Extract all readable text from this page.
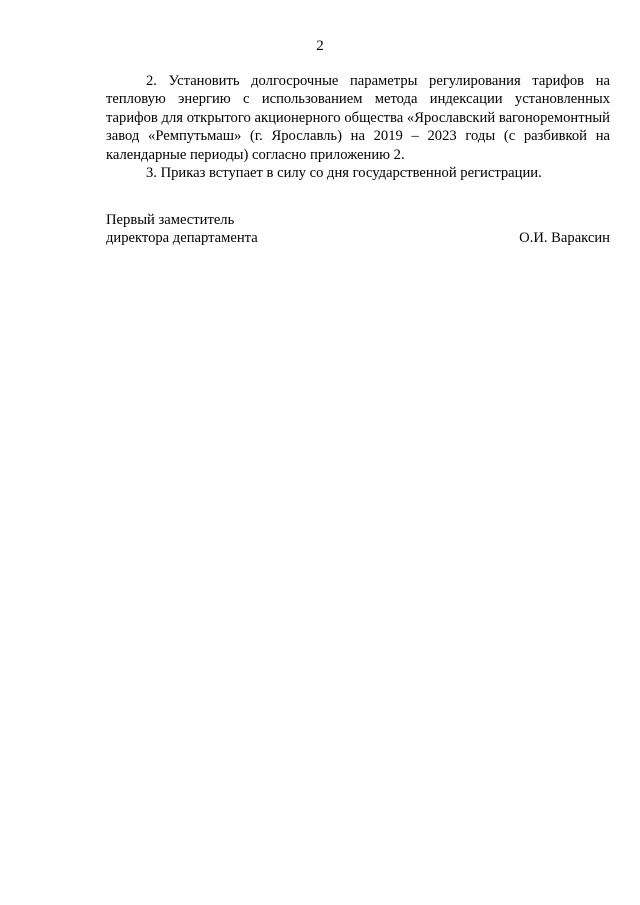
2

2. Установить долгосрочные параметры регулирования тарифов на тепловую энергию с использованием метода индексации установленных тарифов для открытого акционерного общества «Ярославский вагоноремонтный завод «Ремпутьмаш» (г. Ярославль) на 2019 – 2023 годы (с разбивкой на календарные периоды) согласно приложению 2.

3. Приказ вступает в силу со дня государственной регистрации.

Первый заместитель
директора департамента	О.И. Вараксин
